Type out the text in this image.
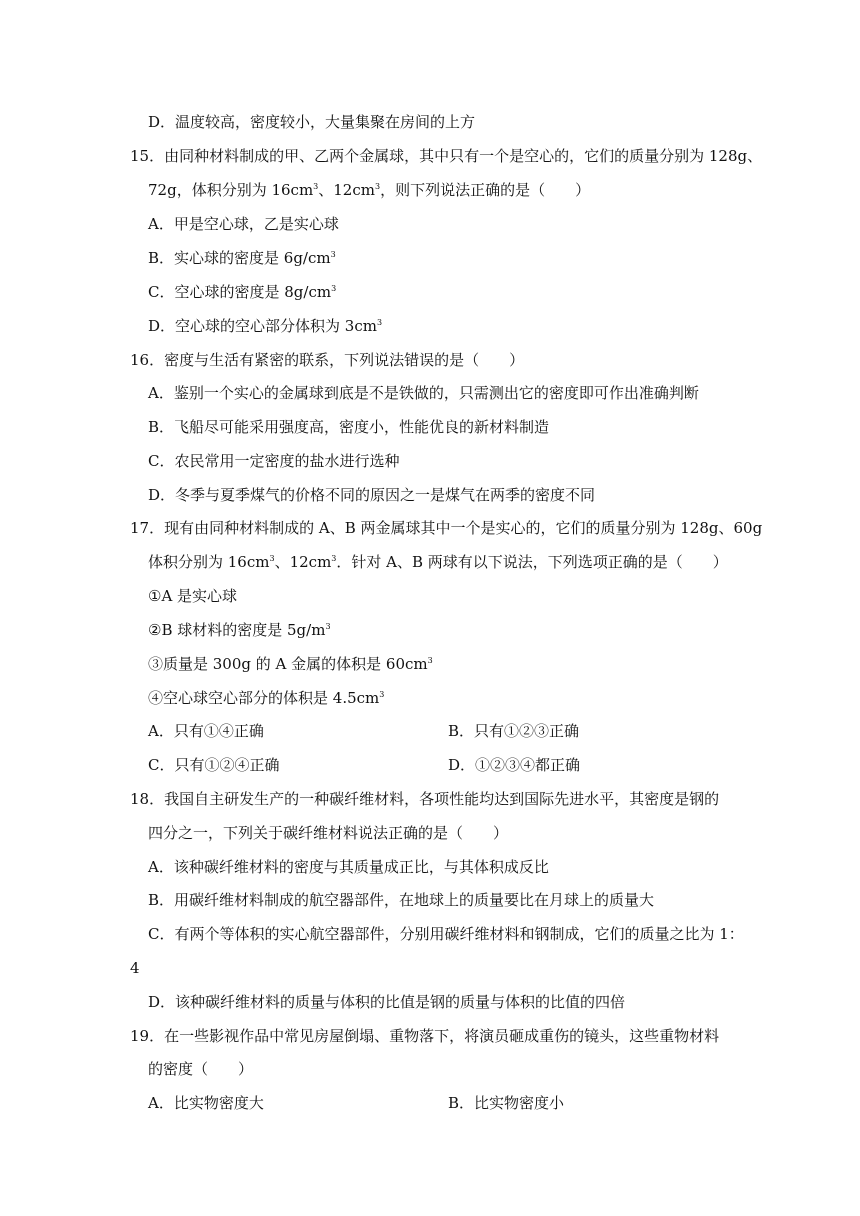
D．温度较高，密度较小，大量集聚在房间的上方
15．由同种材料制成的甲、乙两个金属球，其中只有一个是空心的，它们的质量分别为 128g、
72g，体积分别为 $16cm^3$、$12cm^3$，则下列说法正确的是（　　）
A．甲是空心球，乙是实心球
B．实心球的密度是 $6g/cm^3$
C．空心球的密度是 $8g/cm^3$
D．空心球的空心部分体积为 $3cm^3$
16．密度与生活有紧密的联系，下列说法错误的是（　　）
A．鉴别一个实心的金属球到底是不是铁做的，只需测出它的密度即可作出准确判断
B．飞船尽可能采用强度高，密度小，性能优良的新材料制造
C．农民常用一定密度的盐水进行选种
D．冬季与夏季煤气的价格不同的原因之一是煤气在两季的密度不同
17．现有由同种材料制成的 A、B 两金属球其中一个是实心的，它们的质量分别为 128g、60g
体积分别为 $16cm^3$、$12cm^3$．针对 A、B 两球有以下说法，下列选项正确的是（　　）
①A 是实心球
②B 球材料的密度是 $5g/m^3$
③质量是 300g 的 A 金属的体积是 $60cm^3$
④空心球空心部分的体积是 $4.5cm^3$
A．只有①④正确	B．只有①②③正确
C．只有①②④正确	D．①②③④都正确
18．我国自主研发生产的一种碳纤维材料，各项性能均达到国际先进水平，其密度是钢的
四分之一，下列关于碳纤维材料说法正确的是（　　）
A．该种碳纤维材料的密度与其质量成正比，与其体积成反比
B．用碳纤维材料制成的航空器部件，在地球上的质量要比在月球上的质量大
C．有两个等体积的实心航空器部件，分别用碳纤维材料和钢制成，它们的质量之比为 1：
4
D．该种碳纤维材料的质量与体积的比值是钢的质量与体积的比值的四倍
19．在一些影视作品中常见房屋倒塌、重物落下，将演员砸成重伤的镜头，这些重物材料
的密度（　　）
A．比实物密度大	B．比实物密度小
